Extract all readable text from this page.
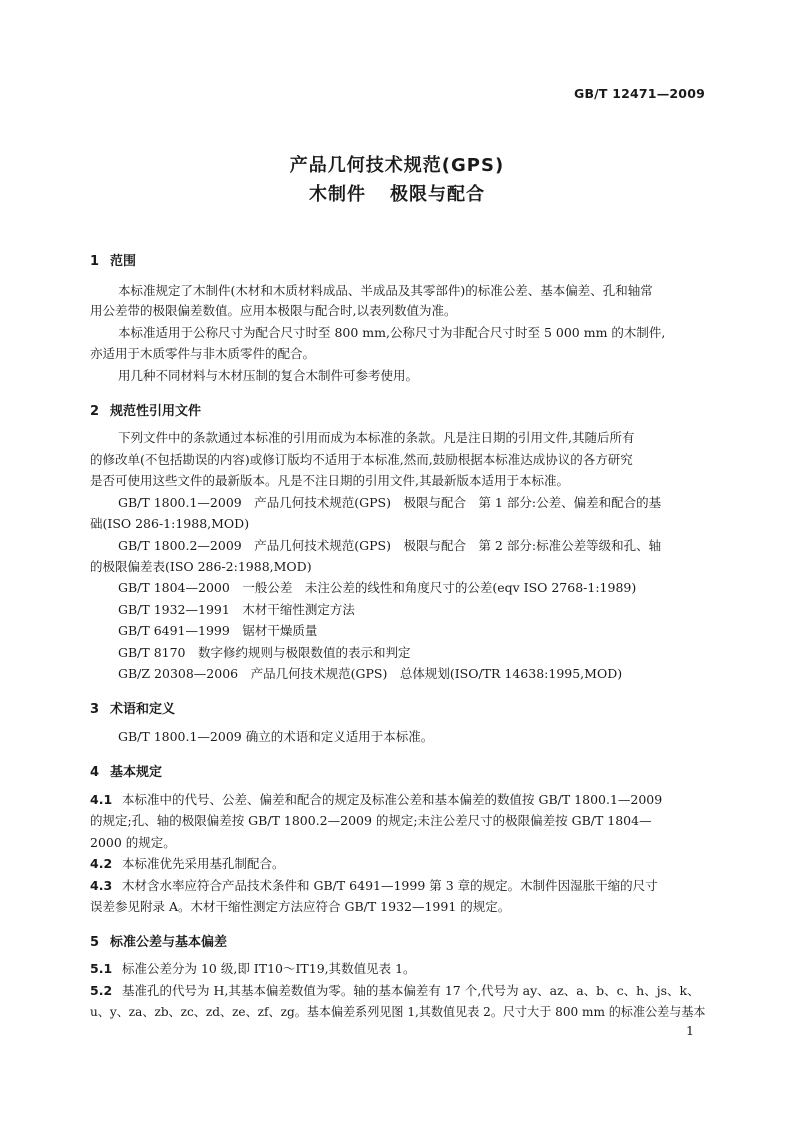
GB/T 12471—2009
产品几何技术规范(GPS)
木制件 极限与配合
1 范围
本标准规定了木制件(木材和木质材料成品、半成品及其零部件)的标准公差、基本偏差、孔和轴常
用公差带的极限偏差数值。应用本极限与配合时,以表列数值为准。
本标准适用于公称尺寸为配合尺寸时至 800 mm,公称尺寸为非配合尺寸时至 5 000 mm 的木制件,
亦适用于木质零件与非木质零件的配合。
用几种不同材料与木材压制的复合木制件可参考使用。
2 规范性引用文件
下列文件中的条款通过本标准的引用而成为本标准的条款。凡是注日期的引用文件,其随后所有
的修改单(不包括勘误的内容)或修订版均不适用于本标准,然而,鼓励根据本标准达成协议的各方研究
是否可使用这些文件的最新版本。凡是不注日期的引用文件,其最新版本适用于本标准。
GB/T 1800.1—2009　产品几何技术规范(GPS)　极限与配合　第 1 部分:公差、偏差和配合的基
础(ISO 286-1:1988,MOD)
GB/T 1800.2—2009　产品几何技术规范(GPS)　极限与配合　第 2 部分:标准公差等级和孔、轴
的极限偏差表(ISO 286-2:1988,MOD)
GB/T 1804—2000　一般公差　未注公差的线性和角度尺寸的公差(eqv ISO 2768-1:1989)
GB/T 1932—1991　木材干缩性测定方法
GB/T 6491—1999　锯材干燥质量
GB/T 8170　数字修约规则与极限数值的表示和判定
GB/Z 20308—2006　产品几何技术规范(GPS)　总体规划(ISO/TR 14638:1995,MOD)
3 术语和定义
GB/T 1800.1—2009 确立的术语和定义适用于本标准。
4 基本规定
4.1 本标准中的代号、公差、偏差和配合的规定及标准公差和基本偏差的数值按 GB/T 1800.1—2009
的规定;孔、轴的极限偏差按 GB/T 1800.2—2009 的规定;未注公差尺寸的极限偏差按 GB/T 1804—
2000 的规定。
4.2 本标准优先采用基孔制配合。
4.3 木材含水率应符合产品技术条件和 GB/T 6491—1999 第 3 章的规定。木制件因湿胀干缩的尺寸
误差参见附录 A。木材干缩性测定方法应符合 GB/T 1932—1991 的规定。
5 标准公差与基本偏差
5.1 标准公差分为 10 级,即 IT10～IT19,其数值见表 1。
5.2 基准孔的代号为 H,其基本偏差数值为零。轴的基本偏差有 17 个,代号为 ay、az、a、b、c、h、js、k、
u、y、za、zb、zc、zd、ze、zf、zg。基本偏差系列见图 1,其数值见表 2。尺寸大于 800 mm 的标准公差与基本
1
